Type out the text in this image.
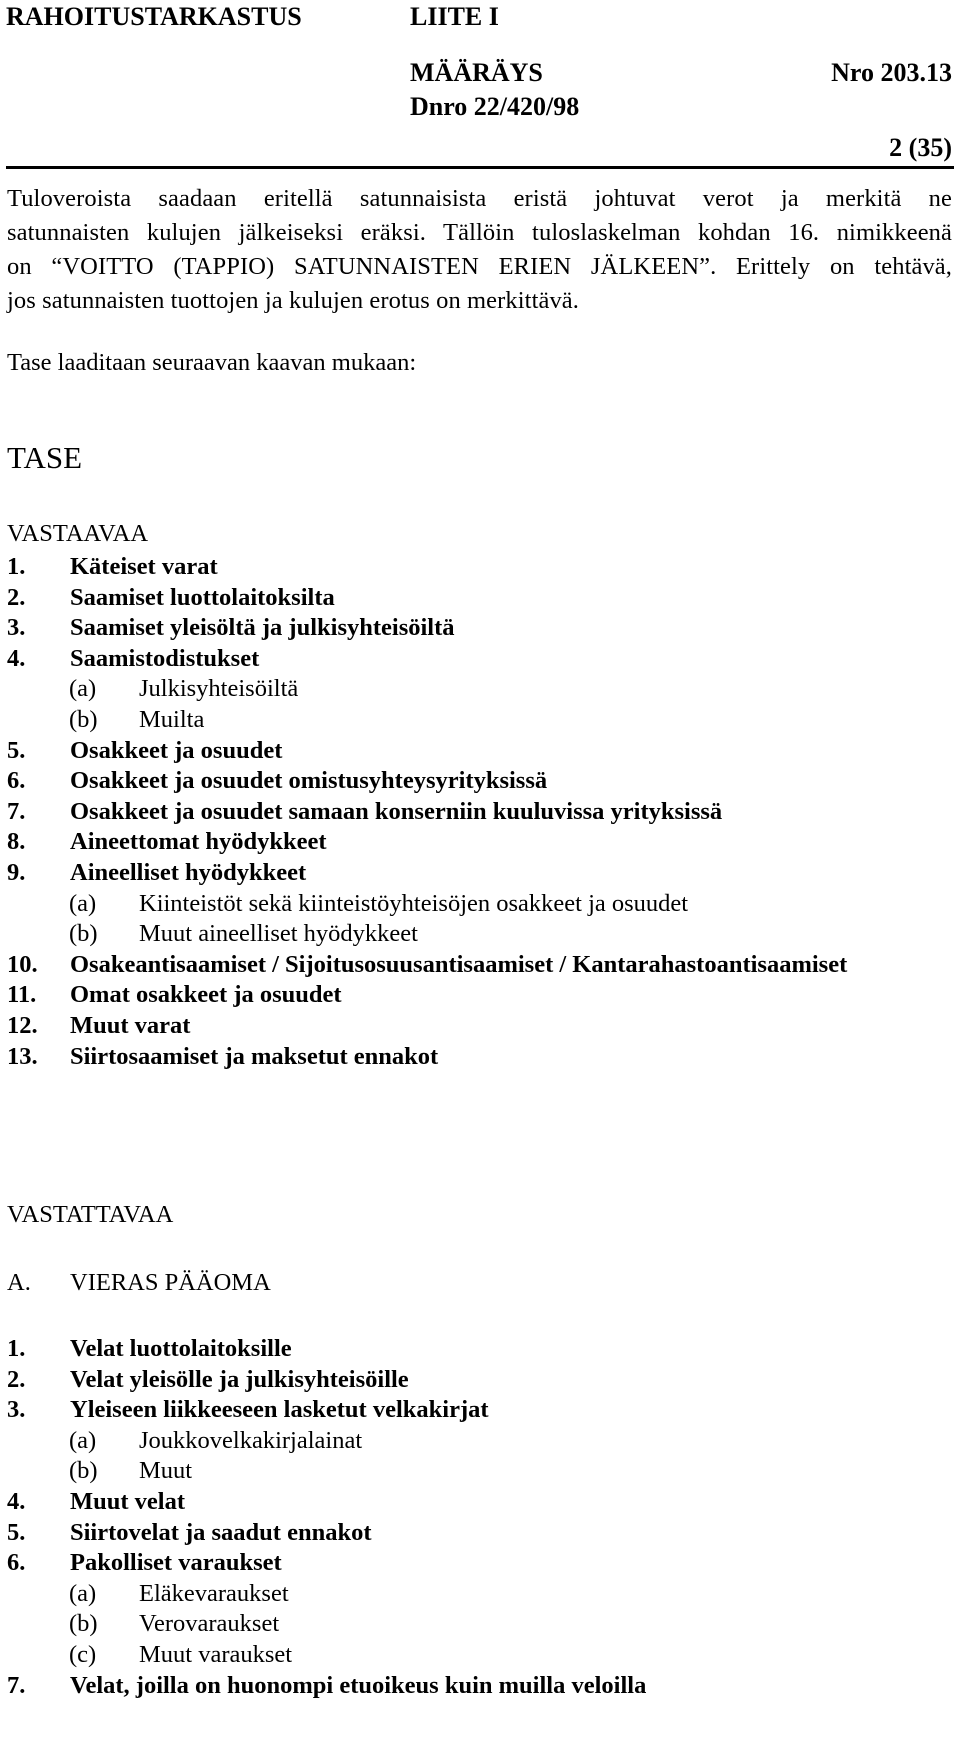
RAHOITUSTARKASTUS	LIITE I
MÄÄRÄYS	Nro 203.13
Dnro 22/420/98
2 (35)
Tuloveroista saadaan eritellä satunnaisista eristä johtuvat verot ja merkitä ne
satunnaisten kulujen jälkeiseksi eräksi. Tällöin tuloslaskelman kohdan 16. nimikkeenä
on “VOITTO (TAPPIO) SATUNNAISTEN ERIEN JÄLKEEN”. Erittely on tehtävä,
jos satunnaisten tuottojen ja kulujen erotus on merkittävä.
Tase laaditaan seuraavan kaavan mukaan:
TASE
VASTAAVAA
1. Käteiset varat
2. Saamiset luottolaitoksilta
3. Saamiset yleisöltä ja julkisyhteisöiltä
4. Saamistodistukset
(a) Julkisyhteisöiltä
(b) Muilta
5. Osakkeet ja osuudet
6. Osakkeet ja osuudet omistusyhteysyrityksissä
7. Osakkeet ja osuudet samaan konserniin kuuluvissa yrityksissä
8. Aineettomat hyödykkeet
9. Aineelliset hyödykkeet
(a) Kiinteistöt sekä kiinteistöyhteisöjen osakkeet ja osuudet
(b) Muut aineelliset hyödykkeet
10. Osakeantisaamiset / Sijoitusosuusantisaamiset / Kantarahastoantisaamiset
11. Omat osakkeet ja osuudet
12. Muut varat
13. Siirtosaamiset ja maksetut ennakot
VASTATTAVAA
A. VIERAS PÄÄOMA
1. Velat luottolaitoksille
2. Velat yleisölle ja julkisyhteisöille
3. Yleiseen liikkeeseen lasketut velkakirjat
(a) Joukkovelkakirjalainat
(b) Muut
4. Muut velat
5. Siirtovelat ja saadut ennakot
6. Pakolliset varaukset
(a) Eläkevaraukset
(b) Verovaraukset
(c) Muut varaukset
7. Velat, joilla on huonompi etuoikeus kuin muilla veloilla
